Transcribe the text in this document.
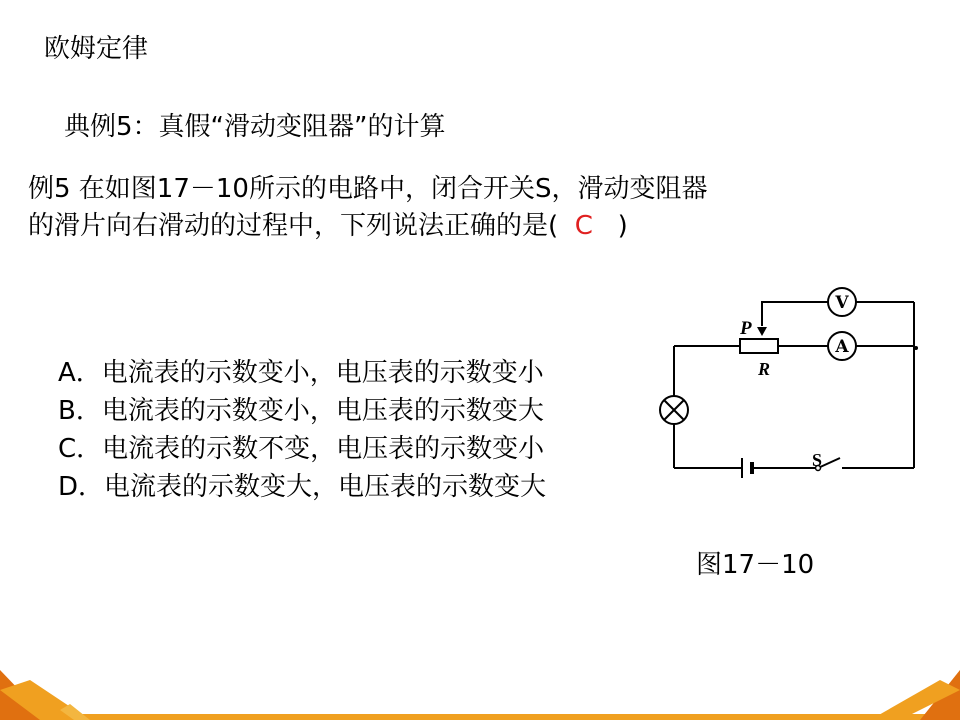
欧姆定律
典例5：真假“滑动变阻器”的计算
例5 在如图17－10所示的电路中，闭合开关S，滑动变阻器
的滑片向右滑动的过程中，下列说法正确的是( C )
A．电流表的示数变小，电压表的示数变小
B．电流表的示数变小，电压表的示数变大
C．电流表的示数不变，电压表的示数变小
D．电流表的示数变大，电压表的示数变大
V
A
P
R
S
图17－10
